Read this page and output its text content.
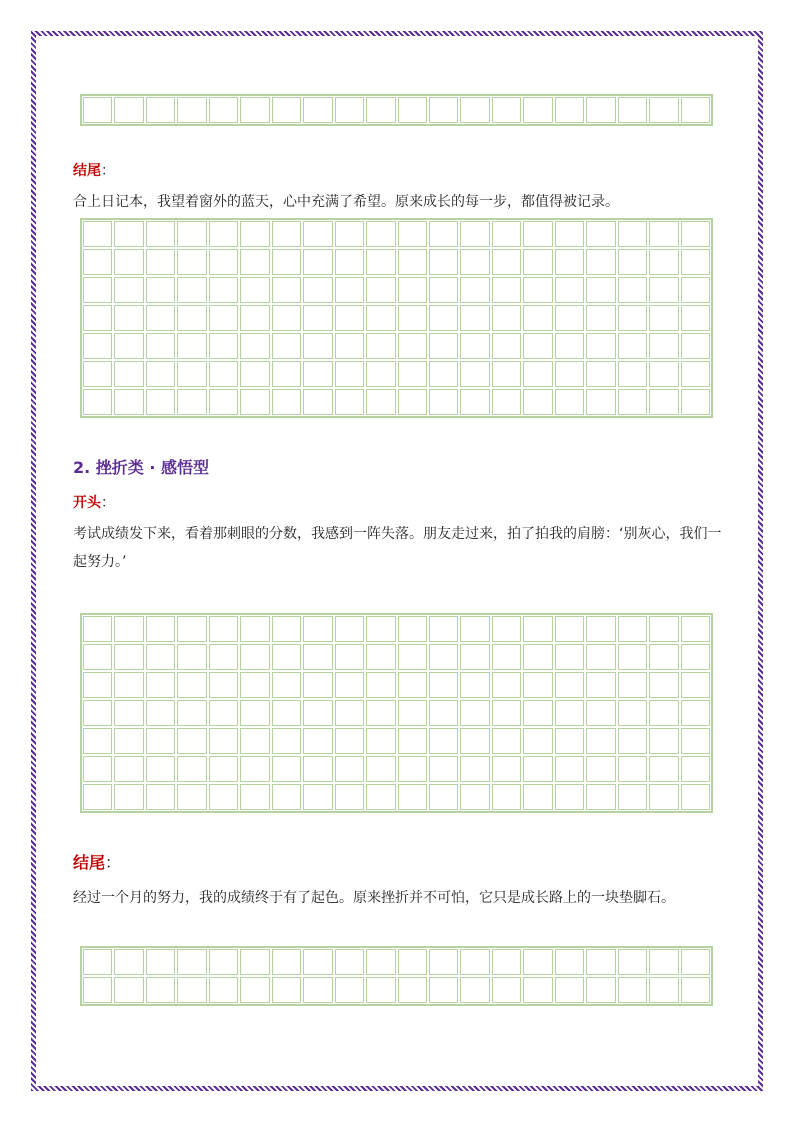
结尾：

合上日记本，我望着窗外的蓝天，心中充满了希望。原来成长的每一步，都值得被记录。

2. 挫折类 · 感悟型

开头：

考试成绩发下来，看着那刺眼的分数，我感到一阵失落。朋友走过来，拍了拍我的肩膀：‘别灰心，我们一起努力。’

结尾：

经过一个月的努力，我的成绩终于有了起色。原来挫折并不可怕，它只是成长路上的一块垫脚石。
